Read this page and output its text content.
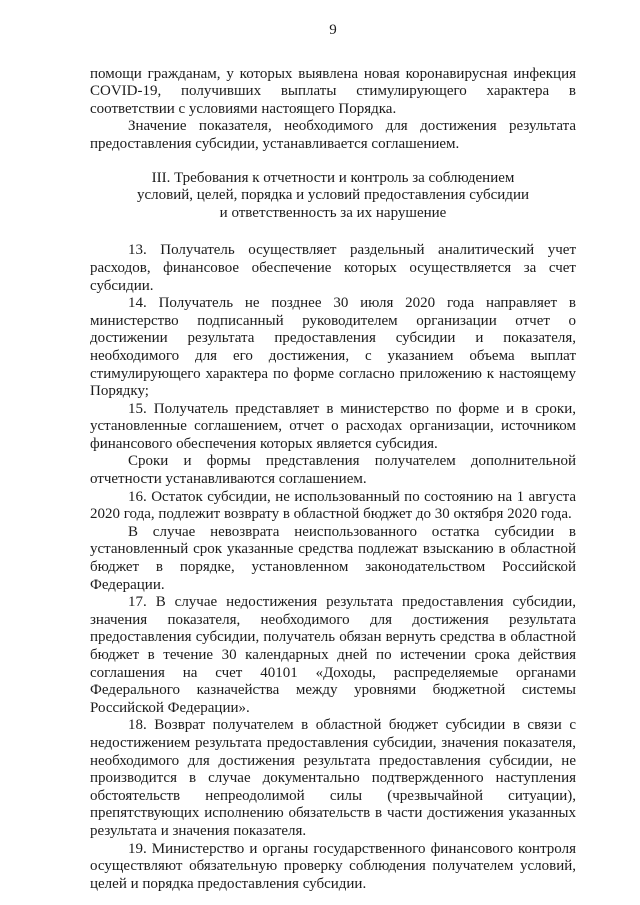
9

помощи гражданам, у которых выявлена новая коронавирусная инфекция COVID-19, получивших выплаты стимулирующего характера в соответствии с условиями настоящего Порядка.

Значение показателя, необходимого для достижения результата предоставления субсидии, устанавливается соглашением.

III. Требования к отчетности и контроль за соблюдением
условий, целей, порядка и условий предоставления субсидии
и ответственность за их нарушение

13. Получатель осуществляет раздельный аналитический учет расходов, финансовое обеспечение которых осуществляется за счет субсидии.

14. Получатель не позднее 30 июля 2020 года направляет в министерство подписанный руководителем организации отчет о достижении результата предоставления субсидии и показателя, необходимого для его достижения, с указанием объема выплат стимулирующего характера по форме согласно приложению к настоящему Порядку;

15. Получатель представляет в министерство по форме и в сроки, установленные соглашением, отчет о расходах организации, источником финансового обеспечения которых является субсидия.

Сроки и формы представления получателем дополнительной отчетности устанавливаются соглашением.

16. Остаток субсидии, не использованный по состоянию на 1 августа 2020 года, подлежит возврату в областной бюджет до 30 октября 2020 года.

В случае невозврата неиспользованного остатка субсидии в установленный срок указанные средства подлежат взысканию в областной бюджет в порядке, установленном законодательством Российской Федерации.

17. В случае недостижения результата предоставления субсидии, значения показателя, необходимого для достижения результата предоставления субсидии, получатель обязан вернуть средства в областной бюджет в течение 30 календарных дней по истечении срока действия соглашения на счет 40101 «Доходы, распределяемые органами Федерального казначейства между уровнями бюджетной системы Российской Федерации».

18. Возврат получателем в областной бюджет субсидии в связи с недостижением результата предоставления субсидии, значения показателя, необходимого для достижения результата предоставления субсидии, не производится в случае документально подтвержденного наступления обстоятельств непреодолимой силы (чрезвычайной ситуации), препятствующих исполнению обязательств в части достижения указанных результата и значения показателя.

19. Министерство и органы государственного финансового контроля осуществляют обязательную проверку соблюдения получателем условий, целей и порядка предоставления субсидии.
